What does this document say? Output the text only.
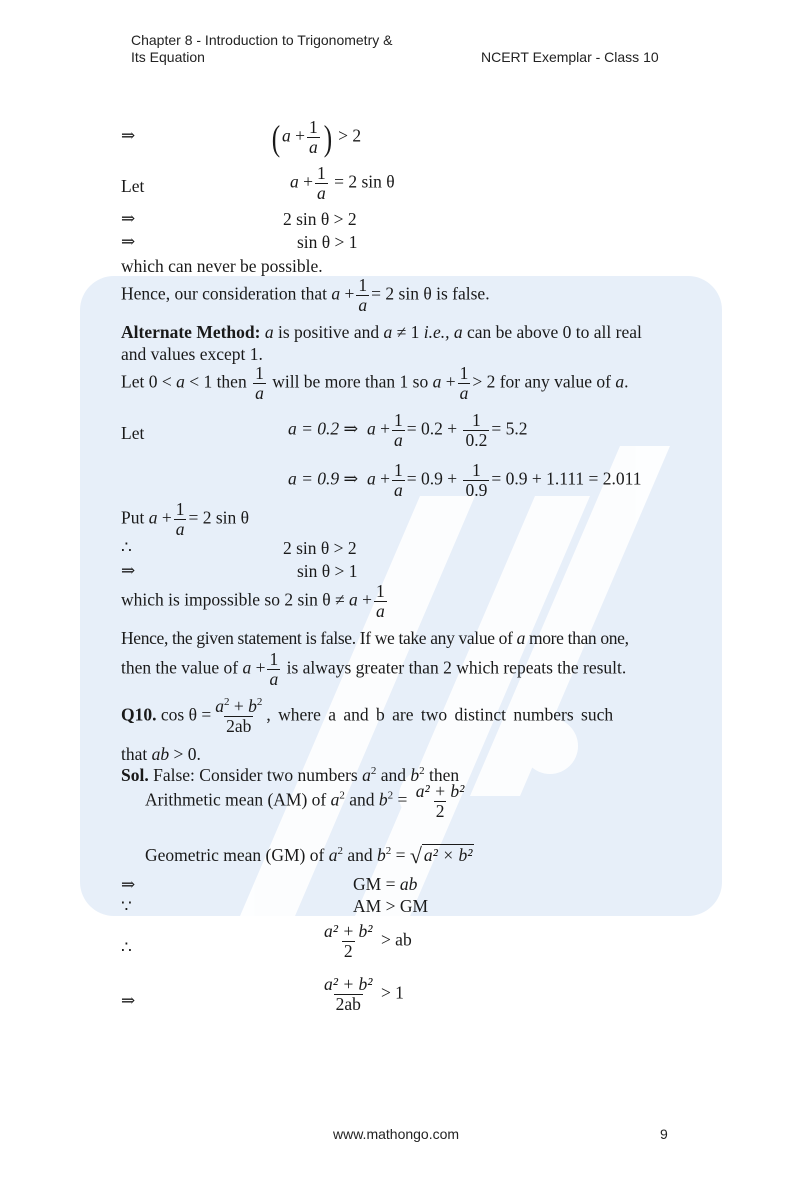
Chapter 8 - Introduction to Trigonometry &
Its Equation	NCERT Exemplar - Class 10
⇒	( $a + \frac{1}{a}$ ) > 2
Let	$a + \frac{1}{a} = 2$ sin θ
⇒	2 sin θ > 2
⇒	sin θ > 1
which can never be possible.
Hence, our consideration that $a + \frac{1}{a} = 2$ sin θ is false.
Alternate Method: a is positive and a ≠ 1 i.e., a can be above 0 to all real
and values except 1.
Let 0 < a < 1 then $\frac{1}{a}$ will be more than 1 so $a + \frac{1}{a} > 2$ for any value of a.
Let	a = 0.2 ⇒ $a + \frac{1}{a} = 0.2 + \frac{1}{0.2} = 5.2$
a = 0.9 ⇒ $a + \frac{1}{a} = 0.9 + \frac{1}{0.9} = 0.9 + 1.111 = 2.011$
Put $a + \frac{1}{a} = 2$ sin θ
∴	2 sin θ > 2
⇒	sin θ > 1
which is impossible so 2 $\sin \theta \ne a + \frac{1}{a}$
Hence, the given statement is false. If we take any value of a more than one,
then the value of $a + \frac{1}{a}$ is always greater than 2 which repeats the result.
Q10. $\cos \theta = \frac{a^2 + b^2}{2ab}$ , where a and b are two distinct numbers such
that ab > 0.
Sol. False: Consider two numbers $a^2$ and $b^2$ then
Arithmetic mean (AM) of $a^2$ and $b^2 = \frac{\text{a² + b²}}{2}$
Geometric mean (GM) of $a^2$ and $b^2$ = √ a² × b²
⇒	GM = ab
∵	AM > GM
∴	$\frac{\text{a² + b²}}{2}$ > ab
⇒	$\frac{\text{a² + b²}}{2ab} > 1$
www.mathongo.com	9
